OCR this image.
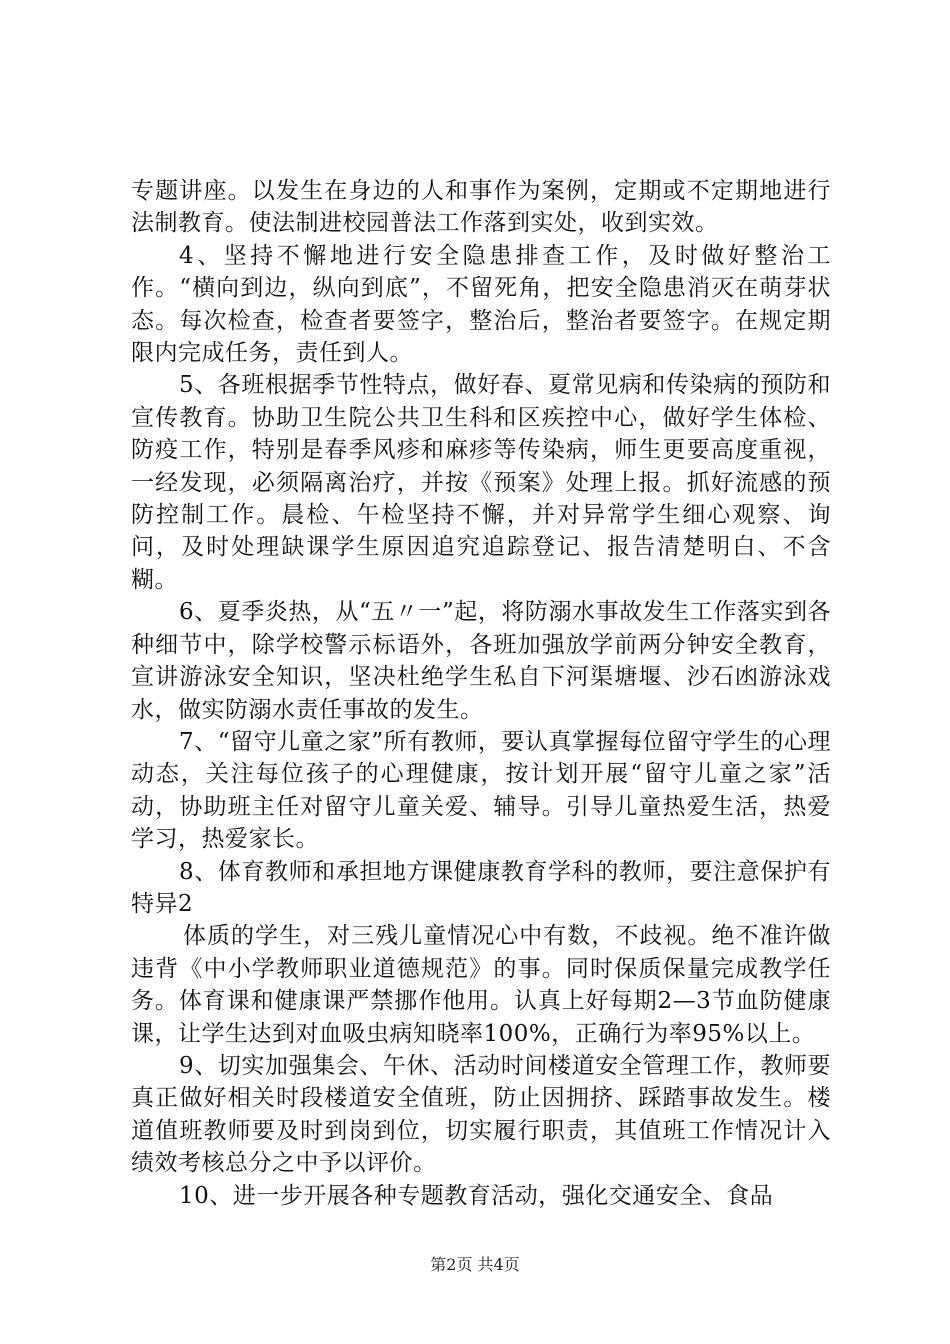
专题讲座。以发生在身边的人和事作为案例，定期或不定期地进行法制教育。使法制进校园普法工作落到实处，收到实效。

4、坚持不懈地进行安全隐患排查工作，及时做好整治工作。“横向到边，纵向到底”，不留死角，把安全隐患消灭在萌芽状态。每次检查，检查者要签字，整治后，整治者要签字。在规定期限内完成任务，责任到人。

5、各班根据季节性特点，做好春、夏常见病和传染病的预防和宣传教育。协助卫生院公共卫生科和区疾控中心，做好学生体检、防疫工作，特别是春季风疹和麻疹等传染病，师生更要高度重视，一经发现，必须隔离治疗，并按《预案》处理上报。抓好流感的预防控制工作。晨检、午检坚持不懈，并对异常学生细心观察、询问，及时处理缺课学生原因追究追踪登记、报告清楚明白、不含糊。

6、夏季炎热，从“五〃一”起，将防溺水事故发生工作落实到各种细节中，除学校警示标语外，各班加强放学前两分钟安全教育，宣讲游泳安全知识，坚决杜绝学生私自下河渠塘堰、沙石凼游泳戏水，做实防溺水责任事故的发生。

7、“留守儿童之家”所有教师，要认真掌握每位留守学生的心理动态，关注每位孩子的心理健康，按计划开展“留守儿童之家”活动，协助班主任对留守儿童关爱、辅导。引导儿童热爱生活，热爱学习，热爱家长。

8、体育教师和承担地方课健康教育学科的教师，要注意保护有特异2

体质的学生，对三残儿童情况心中有数，不歧视。绝不准许做违背《中小学教师职业道德规范》的事。同时保质保量完成教学任务。体育课和健康课严禁挪作他用。认真上好每期2—3节血防健康课，让学生达到对血吸虫病知晓率100%，正确行为率95%以上。

9、切实加强集会、午休、活动时间楼道安全管理工作，教师要真正做好相关时段楼道安全值班，防止因拥挤、踩踏事故发生。楼道值班教师要及时到岗到位，切实履行职责，其值班工作情况计入绩效考核总分之中予以评价。

10、进一步开展各种专题教育活动，强化交通安全、食品

第2页 共4页
